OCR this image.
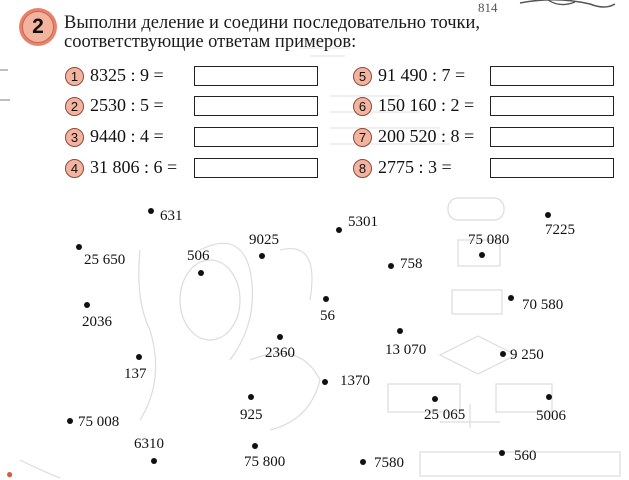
814
●
2	Выполни деление и соедини последовательно точки,
соответствующие ответам примеров:
1 8325 : 9 =
2 2530 : 5 =
3 9440 : 4 =
4 31 806 : 6 =
5 91 490 : 7 =
6 150 160 : 2 =
7 200 520 : 8 =
8 2775 : 3 =
631
25 650	506
9025
5301
758
75 080
7225
2036	56
70 580
2360	13 070	9 250
137	1370
925	25 065	5006
75 008
6310
75 800	7580	560
